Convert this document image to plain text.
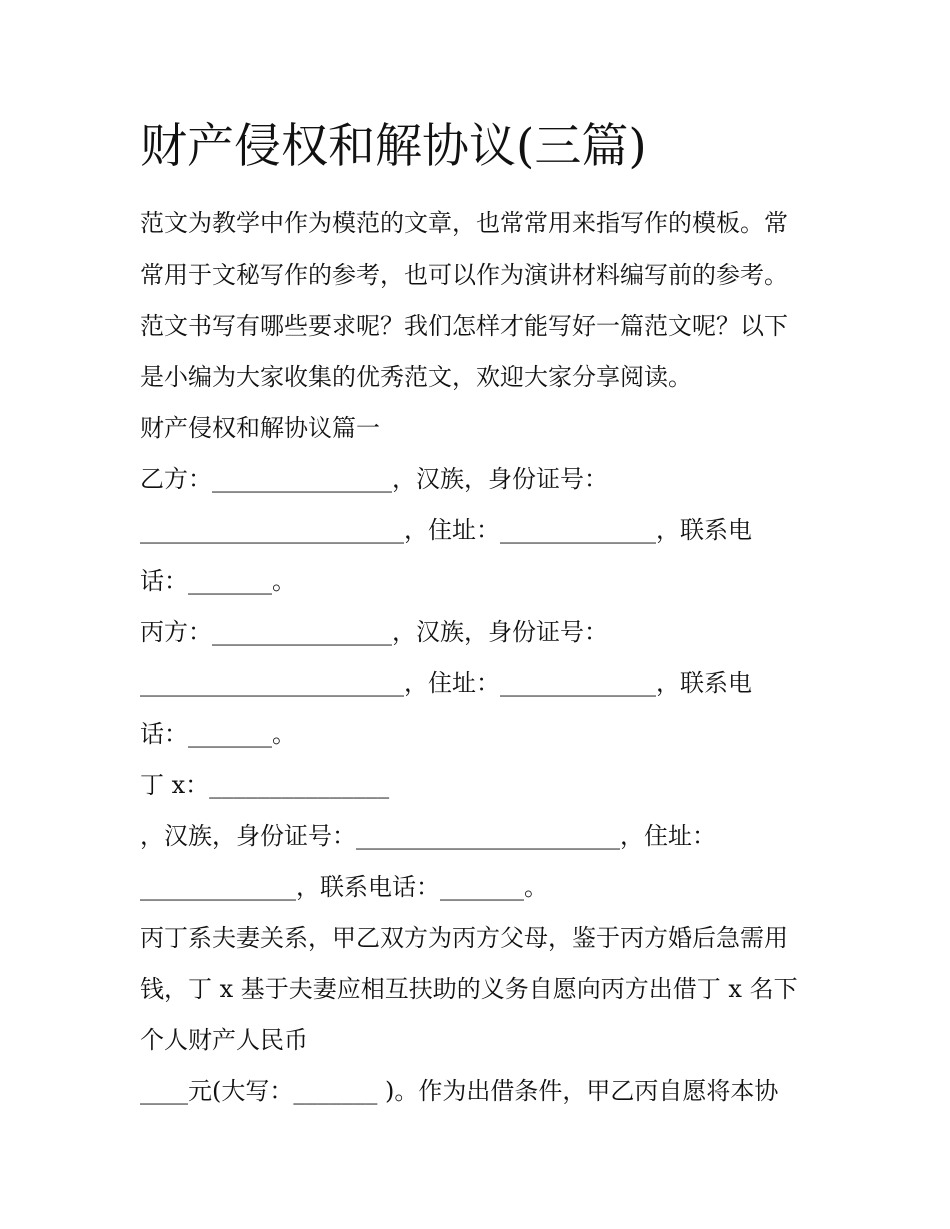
财产侵权和解协议(三篇)

范文为教学中作为模范的文章，也常常用来指写作的模板。常

常用于文秘写作的参考，也可以作为演讲材料编写前的参考。

范文书写有哪些要求呢？我们怎样才能写好一篇范文呢？以下

是小编为大家收集的优秀范文，欢迎大家分享阅读。

财产侵权和解协议篇一

乙方：_______________，汉族，身份证号：

______________________，住址：_____________，联系电

话：_______。

丙方：_______________，汉族，身份证号：

______________________，住址：_____________，联系电

话：_______。

丁 x：_______________

，汉族，身份证号：______________________，住址：

_____________，联系电话：_______。

丙丁系夫妻关系，甲乙双方为丙方父母，鉴于丙方婚后急需用

钱，丁 x 基于夫妻应相互扶助的义务自愿向丙方出借丁 x 名下

个人财产人民币

____元(大写：_______ )。作为出借条件，甲乙丙自愿将本协
